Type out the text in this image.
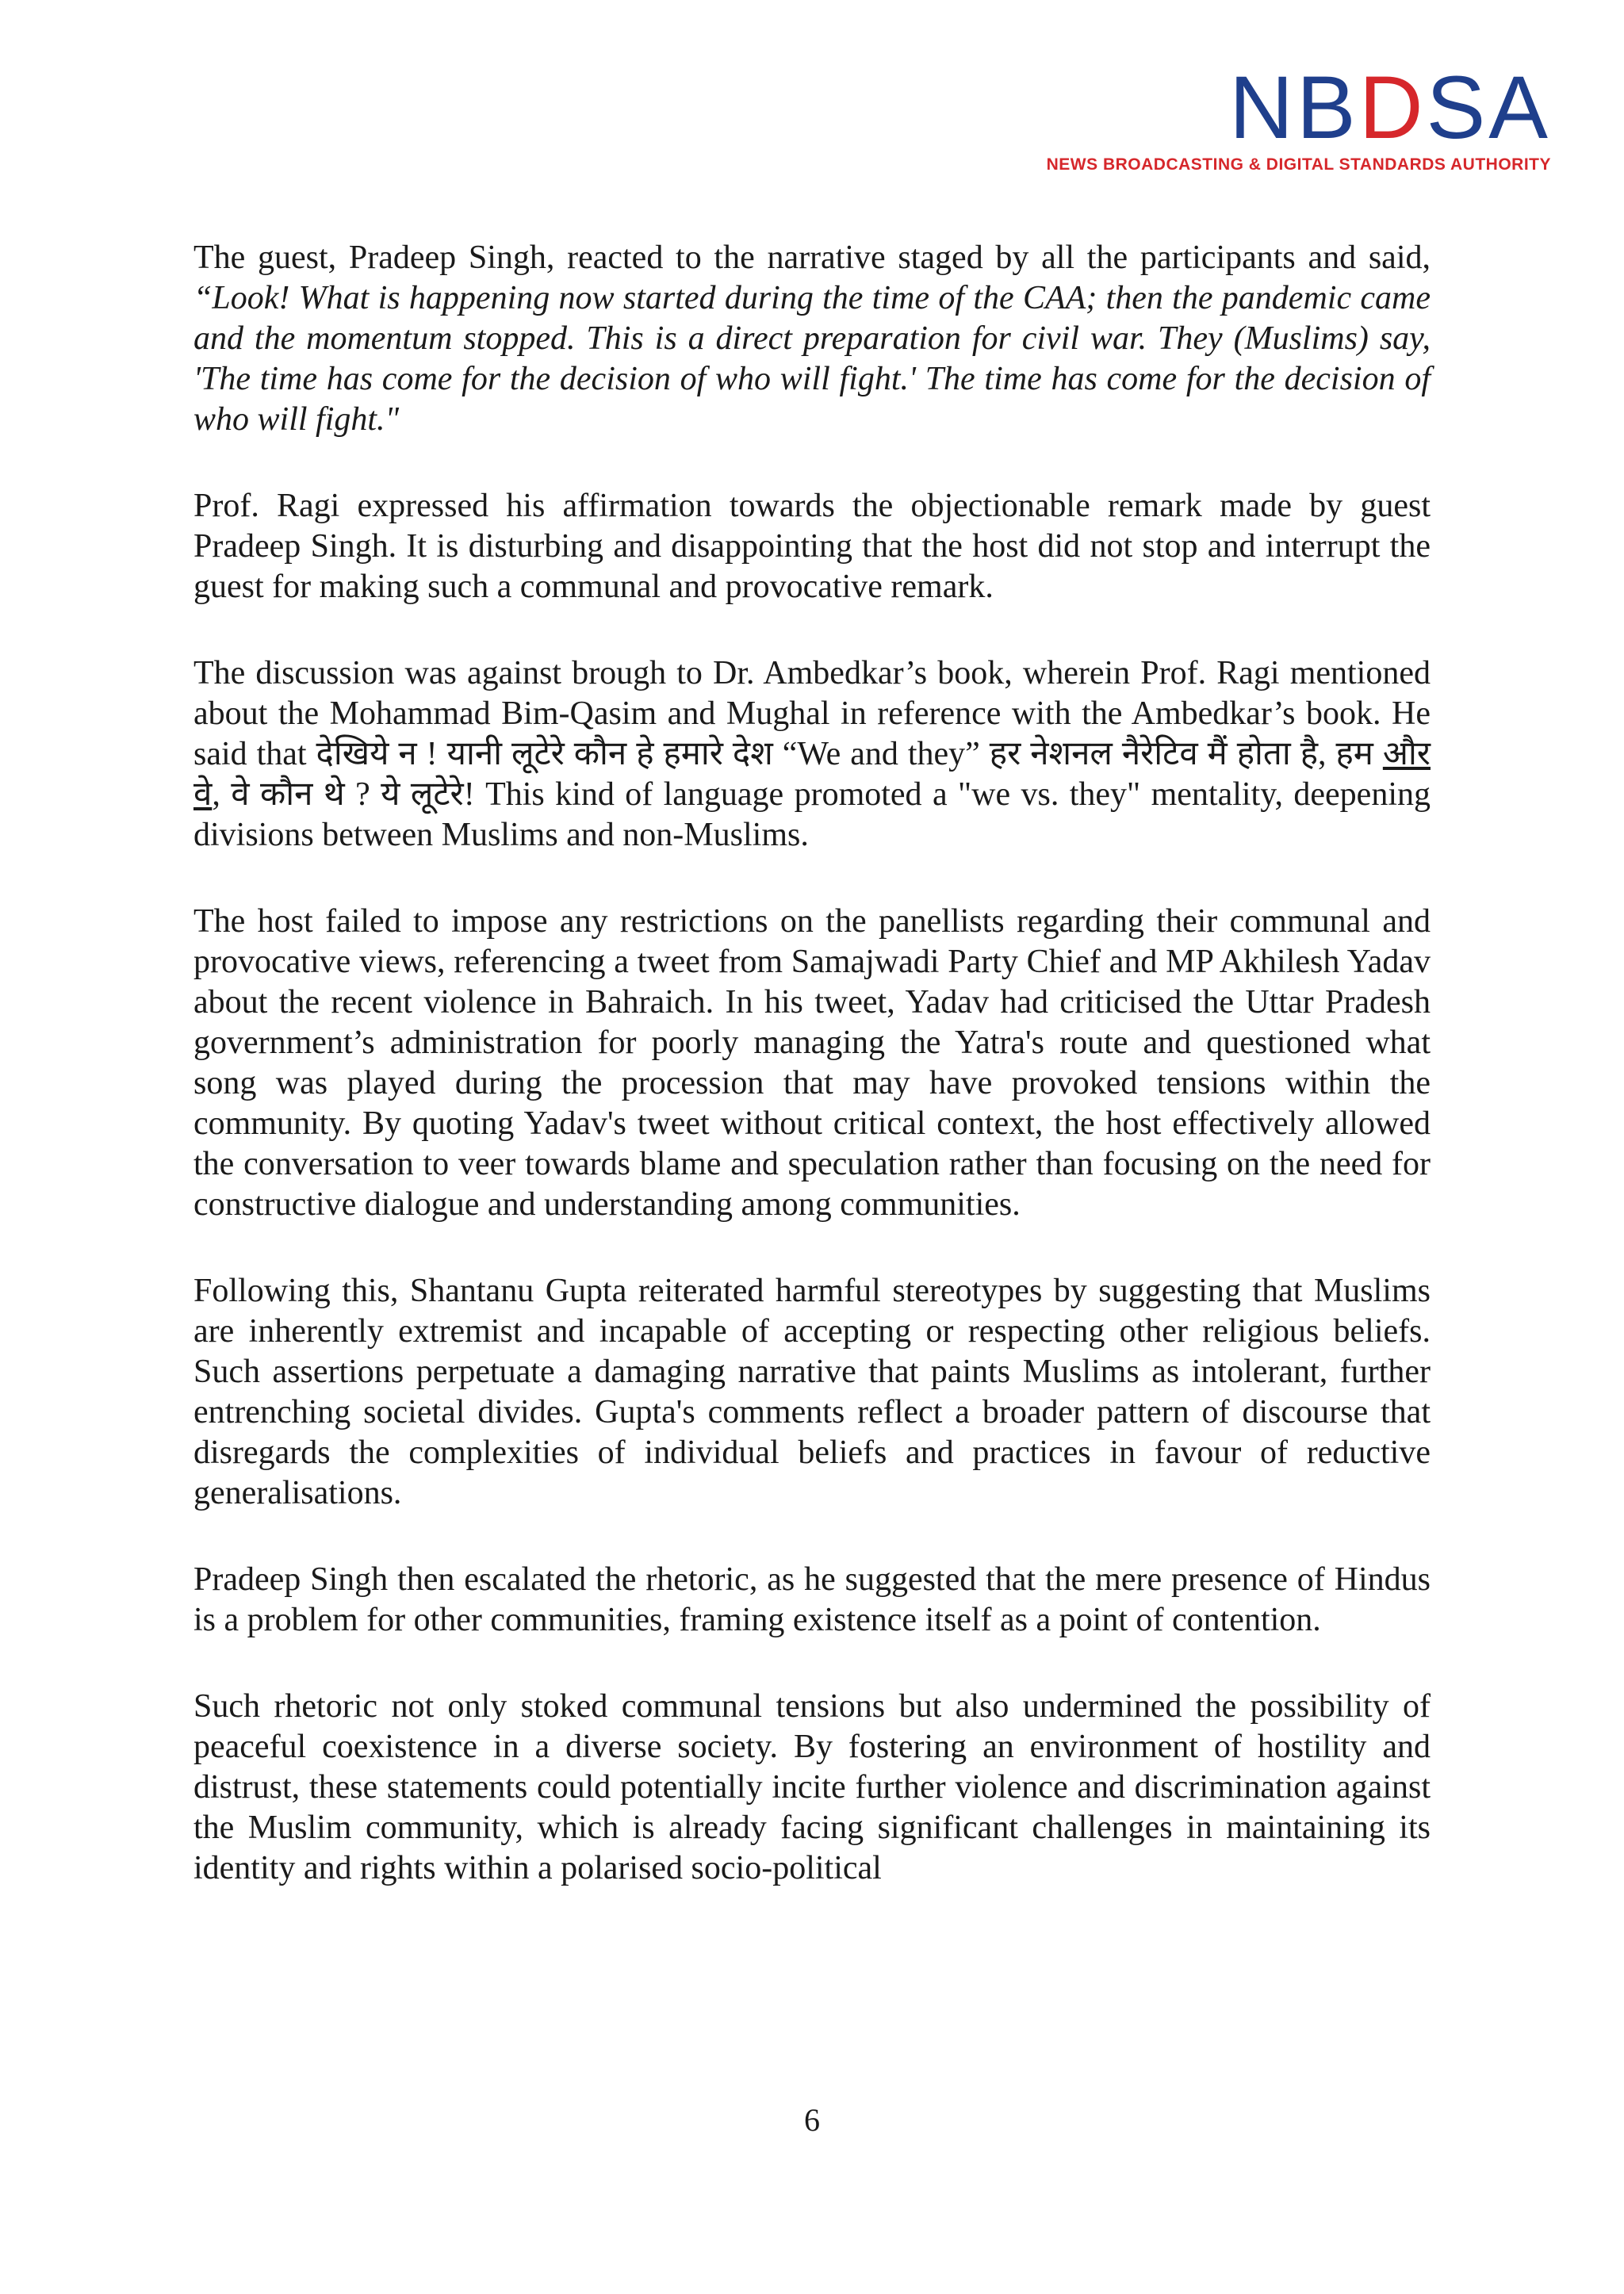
NBDSA
NEWS BROADCASTING & DIGITAL STANDARDS AUTHORITY

The guest, Pradeep Singh, reacted to the narrative staged by all the participants and said, “Look! What is happening now started during the time of the CAA; then the pandemic came and the momentum stopped. This is a direct preparation for civil war. They (Muslims) say, 'The time has come for the decision of who will fight.' The time has come for the decision of who will fight."

Prof. Ragi expressed his affirmation towards the objectionable remark made by guest Pradeep Singh. It is disturbing and disappointing that the host did not stop and interrupt the guest for making such a communal and provocative remark.

The discussion was against brough to Dr. Ambedkar’s book, wherein Prof. Ragi mentioned about the Mohammad Bim-Qasim and Mughal in reference with the Ambedkar’s book. He said that देखिये न ! यानी लूटेरे कौन हे हमारे देश “We and they” हर नेशनल नैरेटिव मैं होता है, हम और वे, वे कौन थे ? ये लूटेरे! This kind of language promoted a "we vs. they" mentality, deepening divisions between Muslims and non-Muslims.

The host failed to impose any restrictions on the panellists regarding their communal and provocative views, referencing a tweet from Samajwadi Party Chief and MP Akhilesh Yadav about the recent violence in Bahraich. In his tweet, Yadav had criticised the Uttar Pradesh government’s administration for poorly managing the Yatra's route and questioned what song was played during the procession that may have provoked tensions within the community. By quoting Yadav's tweet without critical context, the host effectively allowed the conversation to veer towards blame and speculation rather than focusing on the need for constructive dialogue and understanding among communities.

Following this, Shantanu Gupta reiterated harmful stereotypes by suggesting that Muslims are inherently extremist and incapable of accepting or respecting other religious beliefs. Such assertions perpetuate a damaging narrative that paints Muslims as intolerant, further entrenching societal divides. Gupta's comments reflect a broader pattern of discourse that disregards the complexities of individual beliefs and practices in favour of reductive generalisations.

Pradeep Singh then escalated the rhetoric, as he suggested that the mere presence of Hindus is a problem for other communities, framing existence itself as a point of contention.

Such rhetoric not only stoked communal tensions but also undermined the possibility of peaceful coexistence in a diverse society. By fostering an environment of hostility and distrust, these statements could potentially incite further violence and discrimination against the Muslim community, which is already facing significant challenges in maintaining its identity and rights within a polarised socio-political

6
